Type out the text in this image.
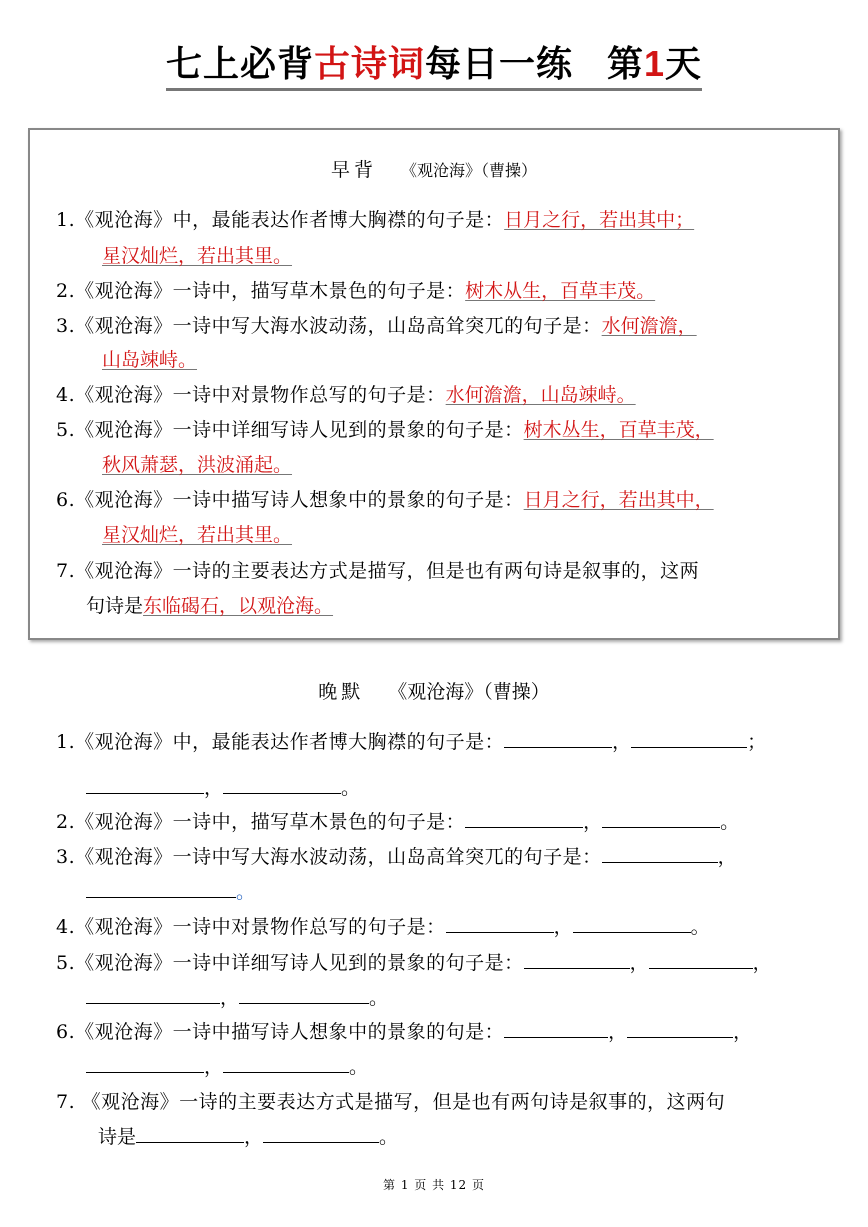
七上必背古诗词每日一练 第1天
早背 《观沧海》（曹操）
1.《观沧海》中，最能表达作者博大胸襟的句子是：日月之行，若出其中；
星汉灿烂，若出其里。
2.《观沧海》一诗中，描写草木景色的句子是：树木从生，百草丰茂。
3.《观沧海》一诗中写大海水波动荡，山岛高耸突兀的句子是：水何澹澹，
山岛竦峙。
4.《观沧海》一诗中对景物作总写的句子是：水何澹澹，山岛竦峙。
5.《观沧海》一诗中详细写诗人见到的景象的句子是：树木丛生，百草丰茂，
秋风萧瑟，洪波涌起。
6.《观沧海》一诗中描写诗人想象中的景象的句子是：日月之行，若出其中，
星汉灿烂，若出其里。
7.《观沧海》一诗的主要表达方式是描写，但是也有两句诗是叙事的，这两
句诗是东临碣石，以观沧海。
晚默 《观沧海》（曹操）
1.《观沧海》中，最能表达作者博大胸襟的句子是：	，	；
，	。
2.《观沧海》一诗中，描写草木景色的句子是：	，	。
3.《观沧海》一诗中写大海水波动荡，山岛高耸突兀的句子是：	，
。
4.《观沧海》一诗中对景物作总写的句子是：	，	。
5.《观沧海》一诗中详细写诗人见到的景象的句子是：	，	，
，	。
6.《观沧海》一诗中描写诗人想象中的景象的句是：	，	，
，	。
7. 《观沧海》一诗的主要表达方式是描写，但是也有两句诗是叙事的，这两句
诗是	，	。
第 1 页 共 12 页
